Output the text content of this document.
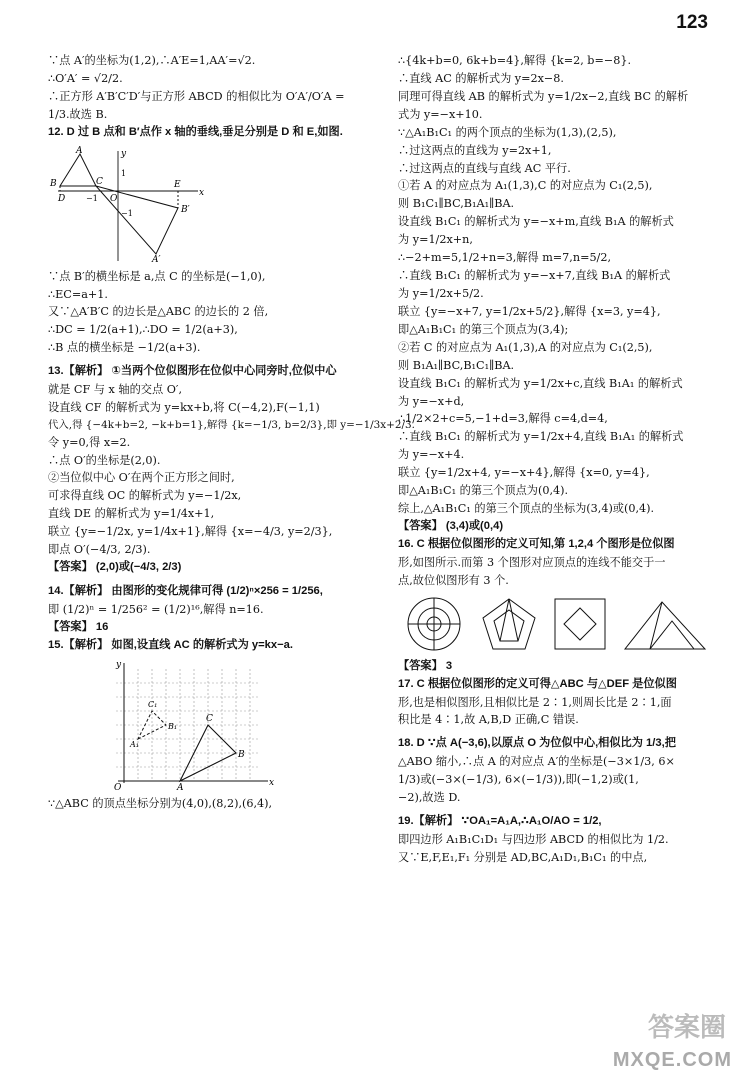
123
∵点 A′的坐标为(1,2),∴A′E=1,AA′=√2.
∴O′A′ = √2/2.
∴正方形 A′B′C′D′与正方形 ABCD 的相似比为 O′A′/O′A =
1/3.故选 B.
12. D 过 B 点和 B′点作 x 轴的垂线,垂足分别是 D 和 E,如图.
A
B	C
D	O
E
B′
A′
−1
1
−1
x
y
∵点 B′的横坐标是 a,点 C 的坐标是(−1,0),
∴EC=a+1.
又∵△A′B′C 的边长是△ABC 的边长的 2 倍,
∴DC = 1/2(a+1),∴DO = 1/2(a+3),
∴B 点的横坐标是 −1/2(a+3).
13.【解析】 ①当两个位似图形在位似中心同旁时,位似中心
就是 CF 与 x 轴的交点 O′,
设直线 CF 的解析式为 y=kx+b,将 C(−4,2),F(−1,1)
代入,得 {−4k+b=2, −k+b=1},解得 {k=−1/3, b=2/3},即 y=−1/3x+2/3.
令 y=0,得 x=2.
∴点 O′的坐标是(2,0).
②当位似中心 O′在两个正方形之间时,
可求得直线 OC 的解析式为 y=−1/2x,
直线 DE 的解析式为 y=1/4x+1,
联立 {y=−1/2x, y=1/4x+1},解得 {x=−4/3, y=2/3},
即点 O′(−4/3, 2/3).
【答案】 (2,0)或(−4/3, 2/3)
14.【解析】 由图形的变化规律可得 (1/2)ⁿ×256 = 1/256,
即 (1/2)ⁿ = 1/256² = (1/2)¹⁶,解得 n=16.
【答案】 16
15.【解析】 如图,设直线 AC 的解析式为 y=kx−a.
y
O	x
A
B
C
A₁
B₁
C₁
∵△ABC 的顶点坐标分别为(4,0),(8,2),(6,4),
∴{4k+b=0, 6k+b=4},解得 {k=2, b=−8}.
∴直线 AC 的解析式为 y=2x−8.
同理可得直线 AB 的解析式为 y=1/2x−2,直线 BC 的解析
式为 y=−x+10.
∵△A₁B₁C₁ 的两个顶点的坐标为(1,3),(2,5),
∴过这两点的直线为 y=2x+1,
∴过这两点的直线与直线 AC 平行.
①若 A 的对应点为 A₁(1,3),C 的对应点为 C₁(2,5),
则 B₁C₁∥BC,B₁A₁∥BA.
设直线 B₁C₁ 的解析式为 y=−x+m,直线 B₁A 的解析式
为 y=1/2x+n,
∴−2+m=5,1/2+n=3,解得 m=7,n=5/2,
∴直线 B₁C₁ 的解析式为 y=−x+7,直线 B₁A 的解析式
为 y=1/2x+5/2.
联立 {y=−x+7, y=1/2x+5/2},解得 {x=3, y=4},
即△A₁B₁C₁ 的第三个顶点为(3,4);
②若 C 的对应点为 A₁(1,3),A 的对应点为 C₁(2,5),
则 B₁A₁∥BC,B₁C₁∥BA.
设直线 B₁C₁ 的解析式为 y=1/2x+c,直线 B₁A₁ 的解析式
为 y=−x+d,
∴1/2×2+c=5,−1+d=3,解得 c=4,d=4,
∴直线 B₁C₁ 的解析式为 y=1/2x+4,直线 B₁A₁ 的解析式
为 y=−x+4.
联立 {y=1/2x+4, y=−x+4},解得 {x=0, y=4},
即△A₁B₁C₁ 的第三个顶点为(0,4).
综上,△A₁B₁C₁ 的第三个顶点的坐标为(3,4)或(0,4).
【答案】 (3,4)或(0,4)
16. C 根据位似图形的定义可知,第 1,2,4 个图形是位似图
形,如图所示.而第 3 个图形对应顶点的连线不能交于一
点,故位似图形有 3 个.
【答案】 3
17. C 根据位似图形的定义可得△ABC 与△DEF 是位似图
形,也是相似图形,且相似比是 2∶1,则周长比是 2∶1,面
积比是 4∶1,故 A,B,D 正确,C 错误.
18. D ∵点 A(−3,6),以原点 O 为位似中心,相似比为 1/3,把
△ABO 缩小,∴点 A 的对应点 A′的坐标是(−3×1/3, 6×
1/3)或(−3×(−1/3), 6×(−1/3)),即(−1,2)或(1,
−2),故选 D.
19.【解析】 ∵OA₁=A₁A,∴A₁O/AO = 1/2,
即四边形 A₁B₁C₁D₁ 与四边形 ABCD 的相似比为 1/2.
又∵E,F,E₁,F₁ 分别是 AD,BC,A₁D₁,B₁C₁ 的中点,
答案圈
MXQE.COM
